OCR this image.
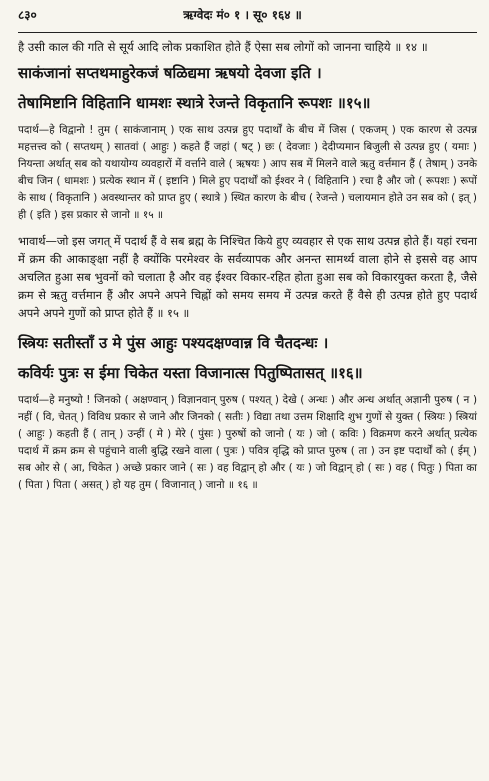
८३०	ऋग्वेदः मं० १ । सू० १६४ ॥

है उसी काल की गति से सूर्य आदि लोक प्रकाशित होते हैं ऐसा सब लोगों को जानना चाहिये ॥ १४ ॥

साकंजानां सप्तथमाहुरेकजं षळिद्यमा ऋषयो देवजा इति ।
तेषामिष्टानि विहितानि धामशः स्थात्रे रेजन्ते विकृतानि रूपशः ॥१५॥

पदार्थ—हे विद्वानो ! तुम ( साकंजानाम् ) एक साथ उत्पन्न हुए पदार्थों के बीच में जिस ( एकजम् ) एक कारण से उत्पन्न महत्तत्त्व को ( सप्तथम् ) सातवां ( आहुः ) कहते हैं जहां ( षट् ) छः ( देवजाः ) देदीप्यमान बिजुली से उत्पन्न हुए ( यमाः ) नियन्ता अर्थात् सब को यथायोग्य व्यवहारों में वर्त्ताने वाले ( ऋषयः ) आप सब में मिलने वाले ऋतु वर्त्तमान हैं ( तेषाम् ) उनके बीच जिन ( धामशः ) प्रत्येक स्थान में ( इष्टानि ) मिले हुए पदार्थों को ईश्वर ने ( विहितानि ) रचा है और जो ( रूपशः ) रूपों के साथ ( विकृतानि ) अवस्थान्तर को प्राप्त हुए ( स्थात्रे ) स्थित कारण के बीच ( रेजन्ते ) चलायमान होते उन सब को ( इत् ) ही ( इति ) इस प्रकार से जानो ॥ १५ ॥

भावार्थ—जो इस जगत् में पदार्थ हैं वे सब ब्रह्म के निश्चित किये हुए व्यवहार से एक साथ उत्पन्न होते हैं। यहां रचना में क्रम की आकाङ्क्षा नहीं है क्योंकि परमेश्वर के सर्वव्यापक और अनन्त सामर्थ्य वाला होने से इससे वह आप अचलित हुआ सब भुवनों को चलाता है और वह ईश्वर विकार-रहित होता हुआ सब को विकारयुक्त करता है, जैसे क्रम से ऋतु वर्त्तमान हैं और अपने अपने चिह्नों को समय समय में उत्पन्न करते हैं वैसे ही उत्पन्न होते हुए पदार्थ अपने अपने गुणों को प्राप्त होते हैं ॥ १५ ॥

स्त्रियः सतीस्ताँ उ मे पुंस आहुः पश्यदक्षण्वान्न वि चैतदन्धः ।
कविर्यः पुत्रः स ईमा चिकेत यस्ता विजानात्स पितुष्पितासत् ॥१६॥

पदार्थ—हे मनुष्यो ! जिनको ( अक्षण्वान् ) विज्ञानवान् पुरुष ( पश्यत् ) देखे ( अन्धः ) और अन्ध अर्थात् अज्ञानी पुरुष ( न ) नहीं ( वि, चेतत् ) विविध प्रकार से जाने और जिनको ( सतीः ) विद्या तथा उत्तम शिक्षादि शुभ गुणों से युक्त ( स्त्रियः ) स्त्रियां ( आहुः ) कहती हैं ( तान् ) उन्हीं ( मे ) मेरे ( पुंसः ) पुरुषों को जानो ( यः ) जो ( कविः ) विक्रमण करने अर्थात् प्रत्येक पदार्थ में क्रम क्रम से पहुंचाने वाली बुद्धि रखने वाला ( पुत्रः ) पवित्र वृद्धि को प्राप्त पुरुष ( ता ) उन इष्ट पदार्थों को ( ईम् ) सब ओर से ( आ, चिकेत ) अच्छे प्रकार जाने ( सः ) वह विद्वान् हो और ( यः ) जो विद्वान् हो ( सः ) वह ( पितुः ) पिता का ( पिता ) पिता ( असत् ) हो यह तुम ( विजानात् ) जानो ॥ १६ ॥
